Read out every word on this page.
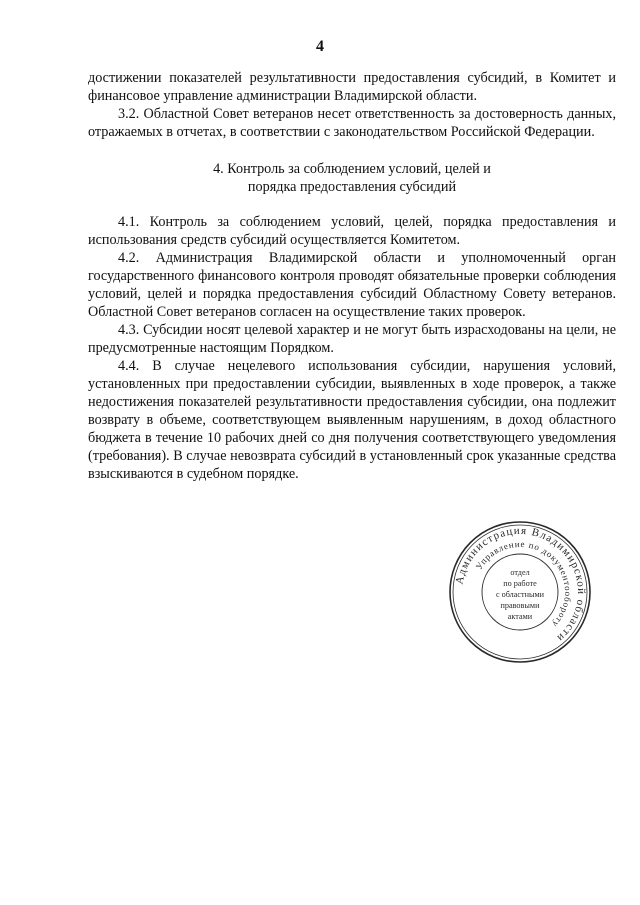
4

достижении показателей результативности предоставления субсидий, в Комитет и финансовое управление администрации Владимирской области.

3.2. Областной Совет ветеранов несет ответственность за достоверность данных, отражаемых в отчетах, в соответствии с законодательством Российской Федерации.

4. Контроль за соблюдением условий, целей и
порядка предоставления субсидий

4.1. Контроль за соблюдением условий, целей, порядка предоставления и использования средств субсидий осуществляется Комитетом.

4.2. Администрация Владимирской области и уполномоченный орган государственного финансового контроля проводят обязательные проверки соблюдения условий, целей и порядка предоставления субсидий Областному Совету ветеранов. Областной Совет ветеранов согласен на осуществление таких проверок.

4.3. Субсидии носят целевой характер и не могут быть израсходованы на цели, не предусмотренные настоящим Порядком.

4.4. В случае нецелевого использования субсидии, нарушения условий, установленных при предоставлении субсидии, выявленных в ходе проверок, а также недостижения показателей результативности предоставления субсидии, она подлежит возврату в объеме, соответствующем выявленным нарушениям, в доход областного бюджета в течение 10 рабочих дней со дня получения соответствующего уведомления (требования). В случае невозврата субсидий в установленный срок указанные средства взыскиваются в судебном порядке.

Администрация Владимирской области
Управление по документообороту
отдел
по работе
с областными
правовыми
актами
